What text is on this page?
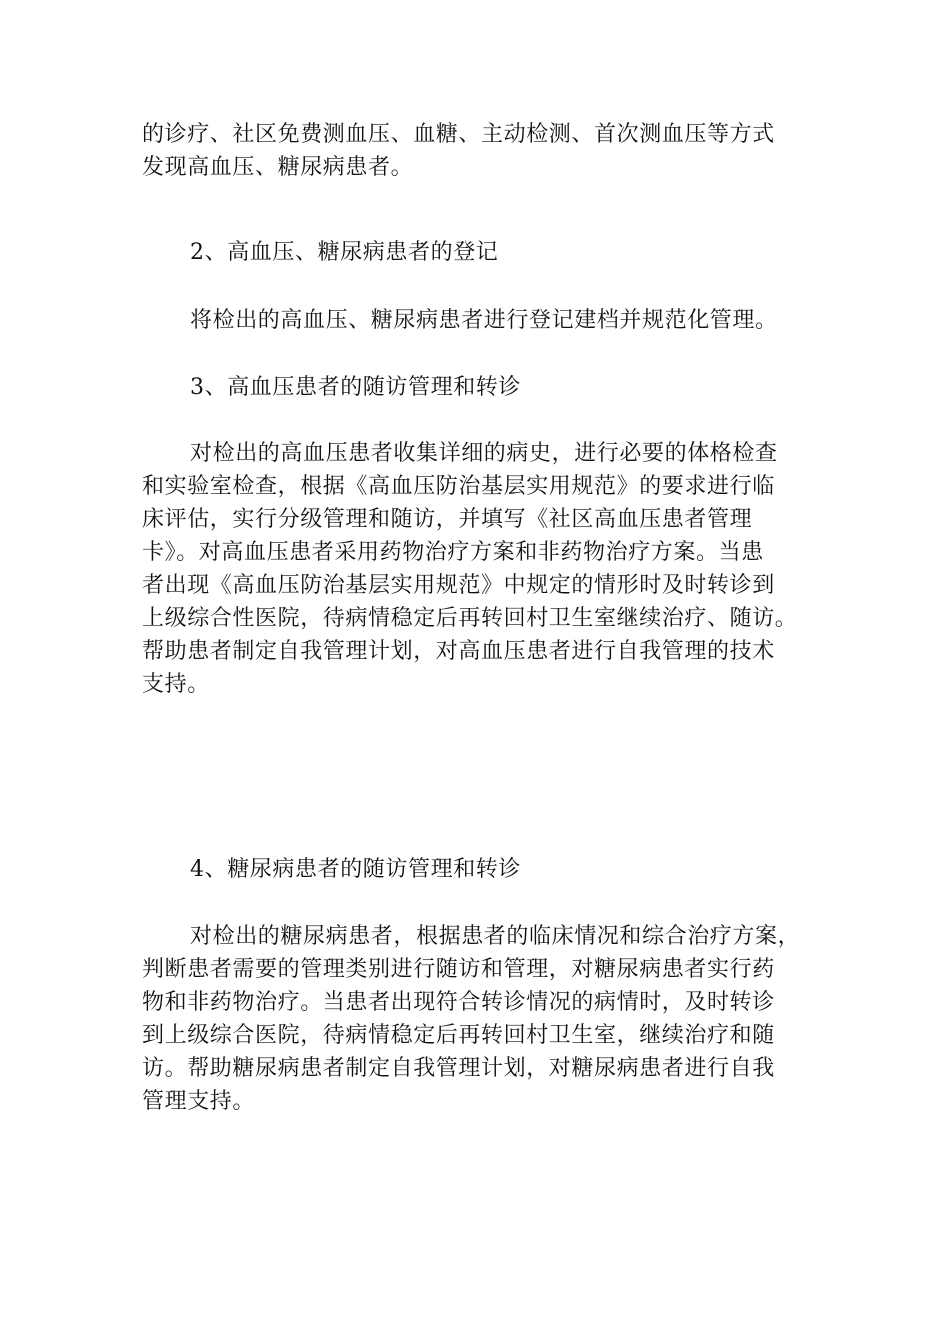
的诊疗、社区免费测血压、血糖、主动检测、首次测血压等方式
发现高血压、糖尿病患者。
2、高血压、糖尿病患者的登记
将检出的高血压、糖尿病患者进行登记建档并规范化管理。
3、高血压患者的随访管理和转诊
对检出的高血压患者收集详细的病史，进行必要的体格检查
和实验室检查，根据《高血压防治基层实用规范》的要求进行临
床评估，实行分级管理和随访，并填写《社区高血压患者管理
卡》。对高血压患者采用药物治疗方案和非药物治疗方案。当患
者出现《高血压防治基层实用规范》中规定的情形时及时转诊到
上级综合性医院，待病情稳定后再转回村卫生室继续治疗、随访。
帮助患者制定自我管理计划，对高血压患者进行自我管理的技术
支持。
4、糖尿病患者的随访管理和转诊
对检出的糖尿病患者，根据患者的临床情况和综合治疗方案，
判断患者需要的管理类别进行随访和管理，对糖尿病患者实行药
物和非药物治疗。当患者出现符合转诊情况的病情时，及时转诊
到上级综合医院，待病情稳定后再转回村卫生室，继续治疗和随
访。帮助糖尿病患者制定自我管理计划，对糖尿病患者进行自我
管理支持。
